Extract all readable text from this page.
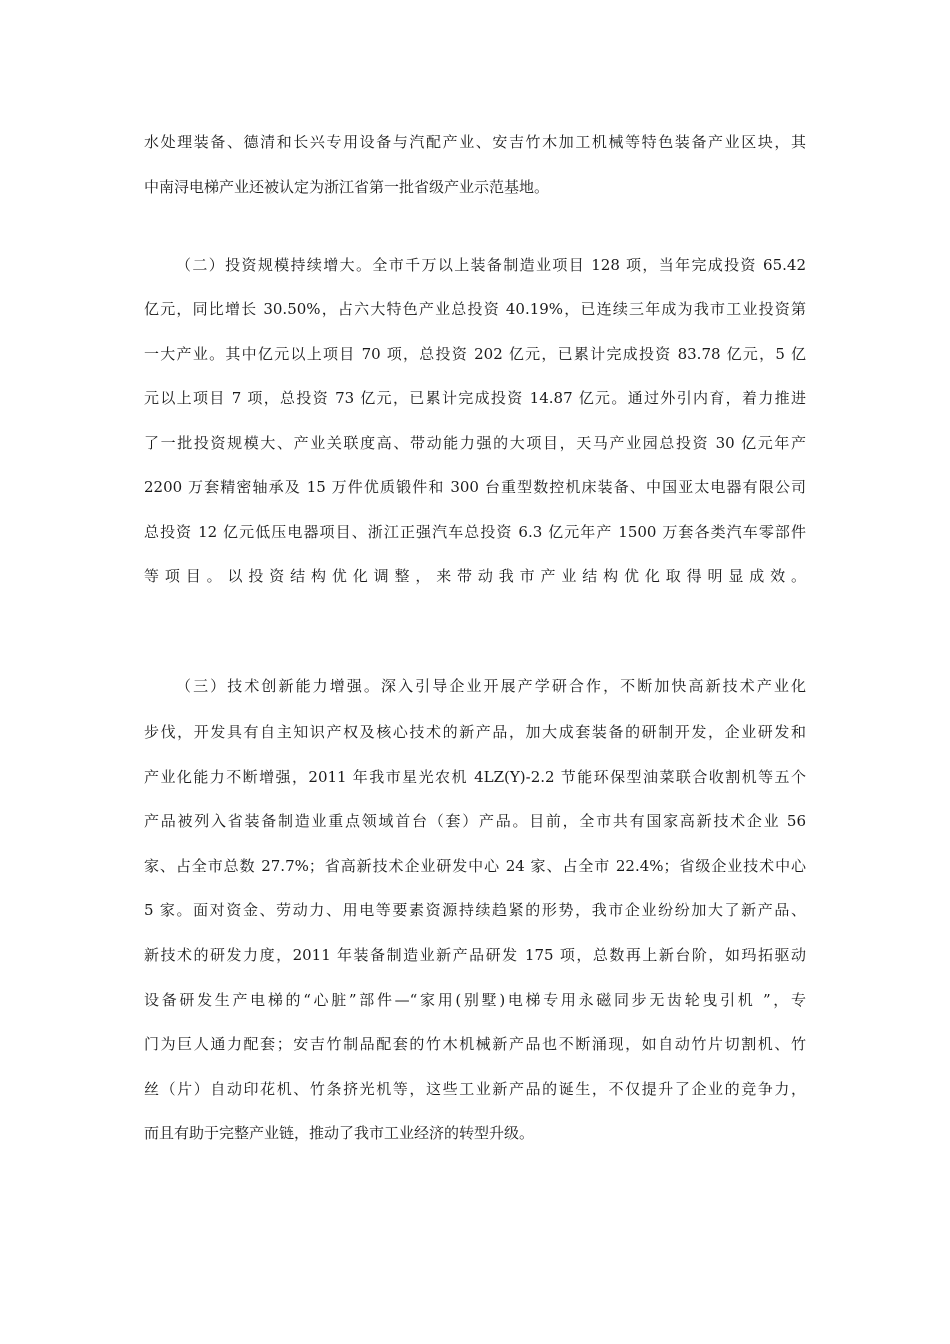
水处理装备、德清和长兴专用设备与汽配产业、安吉竹木加工机械等特色装备产业区块，其
中南浔电梯产业还被认定为浙江省第一批省级产业示范基地。
（二）投资规模持续增大。全市千万以上装备制造业项目 128 项，当年完成投资 65.42
亿元，同比增长 30.50%，占六大特色产业总投资 40.19%，已连续三年成为我市工业投资第
一大产业。其中亿元以上项目 70 项，总投资 202 亿元，已累计完成投资 83.78 亿元，5 亿
元以上项目 7 项，总投资 73 亿元，已累计完成投资 14.87 亿元。通过外引内育，着力推进
了一批投资规模大、产业关联度高、带动能力强的大项目，天马产业园总投资 30 亿元年产
2200 万套精密轴承及 15 万件优质锻件和 300 台重型数控机床装备、中国亚太电器有限公司
总投资 12 亿元低压电器项目、浙江正强汽车总投资 6.3 亿元年产 1500 万套各类汽车零部件
等项目。以投资结构优化调整，来带动我市产业结构优化取得明显成效。
（三）技术创新能力增强。深入引导企业开展产学研合作，不断加快高新技术产业化
步伐，开发具有自主知识产权及核心技术的新产品，加大成套装备的研制开发，企业研发和
产业化能力不断增强，2011 年我市星光农机 4LZ(Y)-2.2 节能环保型油菜联合收割机等五个
产品被列入省装备制造业重点领域首台（套）产品。目前，全市共有国家高新技术企业 56
家、占全市总数 27.7%；省高新技术企业研发中心 24 家、占全市 22.4%；省级企业技术中心
5 家。面对资金、劳动力、用电等要素资源持续趋紧的形势，我市企业纷纷加大了新产品、
新技术的研发力度，2011 年装备制造业新产品研发 175 项，总数再上新台阶，如玛拓驱动
设备研发生产电梯的“心脏”部件—“家用(别墅)电梯专用永磁同步无齿轮曳引机 ”，专
门为巨人通力配套；安吉竹制品配套的竹木机械新产品也不断涌现，如自动竹片切割机、竹
丝（片）自动印花机、竹条挤光机等，这些工业新产品的诞生，不仅提升了企业的竞争力，
而且有助于完整产业链，推动了我市工业经济的转型升级。
